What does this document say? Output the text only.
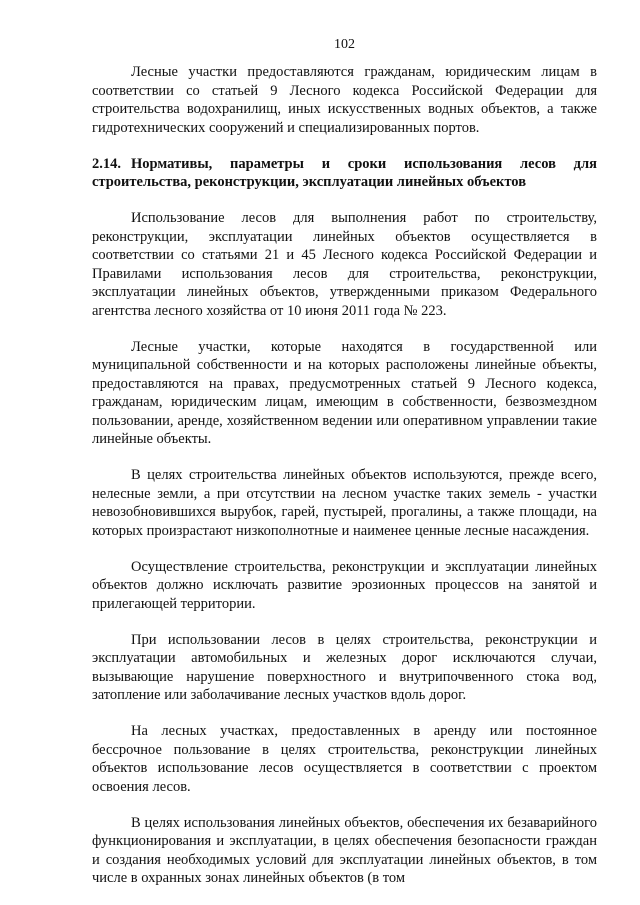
102

Лесные участки предоставляются гражданам, юридическим лицам в соответствии со статьей 9 Лесного кодекса Российской Федерации для строительства водохранилищ, иных искусственных водных объектов, а также гидротехнических сооружений и специализированных портов.

2.14. Нормативы, параметры и сроки использования лесов для строительства, реконструкции, эксплуатации линейных объектов

Использование лесов для выполнения работ по строительству, реконструкции, эксплуатации линейных объектов осуществляется в соответствии со статьями 21 и 45 Лесного кодекса Российской Федерации и Правилами использования лесов для строительства, реконструкции, эксплуатации линейных объектов, утвержденными приказом Федерального агентства лесного хозяйства от 10 июня 2011 года № 223.

Лесные участки, которые находятся в государственной или муниципальной собственности и на которых расположены линейные объекты, предоставляются на правах, предусмотренных статьей 9 Лесного кодекса, гражданам, юридическим лицам, имеющим в собственности, безвозмездном пользовании, аренде, хозяйственном ведении или оперативном управлении такие линейные объекты.

В целях строительства линейных объектов используются, прежде всего, нелесные земли, а при отсутствии на лесном участке таких земель - участки невозобновившихся вырубок, гарей, пустырей, прогалины, а также площади, на которых произрастают низкополнотные и наименее ценные лесные насаждения.

Осуществление строительства, реконструкции и эксплуатации линейных объектов должно исключать развитие эрозионных процессов на занятой и прилегающей территории.

При использовании лесов в целях строительства, реконструкции и эксплуатации автомобильных и железных дорог исключаются случаи, вызывающие нарушение поверхностного и внутрипочвенного стока вод, затопление или заболачивание лесных участков вдоль дорог.

На лесных участках, предоставленных в аренду или постоянное бессрочное пользование в целях строительства, реконструкции линейных объектов использование лесов осуществляется в соответствии с проектом освоения лесов.

В целях использования линейных объектов, обеспечения их безаварийного функционирования и эксплуатации, в целях обеспечения безопасности граждан и создания необходимых условий для эксплуатации линейных объектов, в том числе в охранных зонах линейных объектов (в том
